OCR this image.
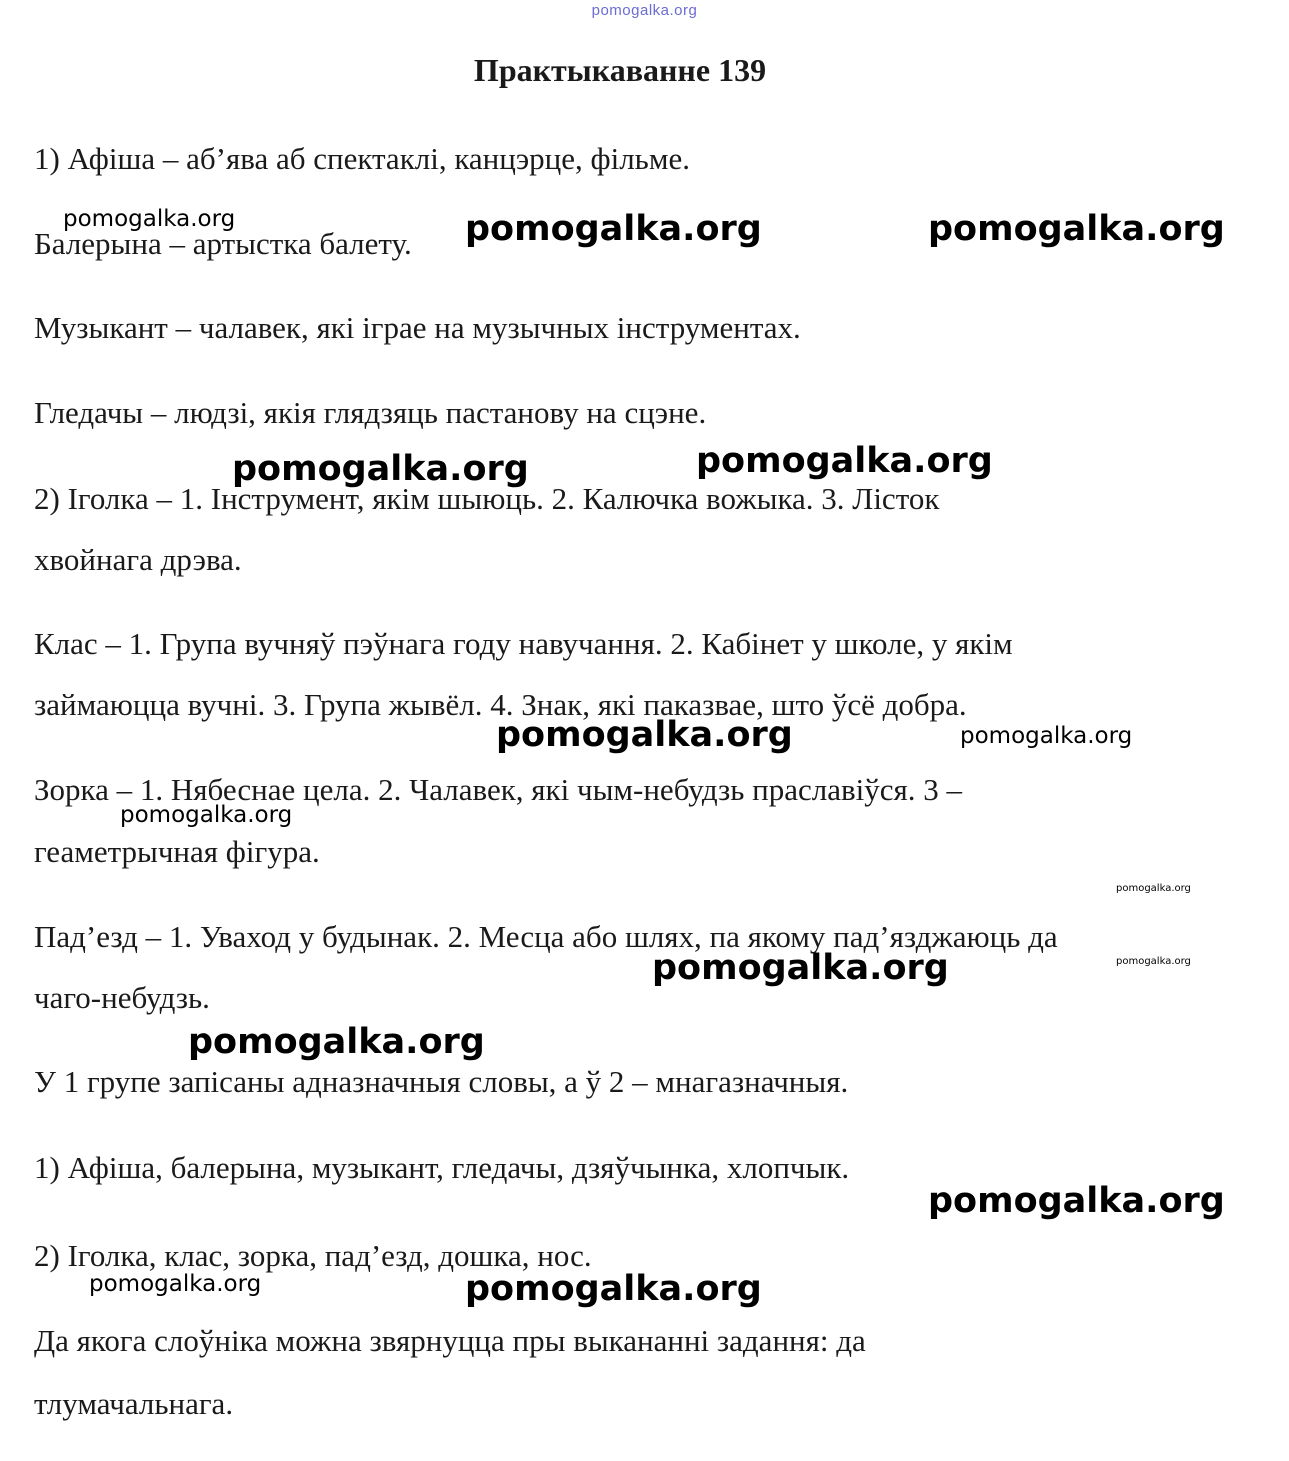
pomogalka.org
Практыкаванне 139
1) Афіша – аб’ява аб спектаклі, канцэрце, фільме.
Балерына – артыстка балету.
Музыкант – чалавек, які іграе на музычных інструментах.
Гледачы – людзі, якія глядзяць пастанову на сцэне.
2) Іголка – 1. Інструмент, якім шыюць. 2. Калючка вожыка. 3. Лісток
хвойнага дрэва.
Клас – 1. Група вучняў пэўнага году навучання. 2. Кабінет у школе, у якім
займаюцца вучні. 3. Група жывёл. 4. Знак, які паказвае, што ўсё добра.
Зорка – 1. Нябеснае цела. 2. Чалавек, які чым-небудзь праславіўся. 3 –
геаметрычная фігура.
Пад’езд – 1. Уваход у будынак. 2. Месца або шлях, па якому пад’язджаюць да
чаго-небудзь.
У 1 групе запісаны адназначныя словы, а ў 2 – мнагазначныя.
1) Афіша, балерына, музыкант, гледачы, дзяўчынка, хлопчык.
2) Іголка, клас, зорка, пад’езд, дошка, нос.
Да якога слоўніка можна звярнуцца пры выкананні задання: да
тлумачальнага.
pomogalka.org	pomogalka.org	pomogalka.org
pomogalka.org	pomogalka.org
pomogalka.org	pomogalka.org
pomogalka.org
pomogalka.org
pomogalka.org	pomogalka.org
pomogalka.org
pomogalka.org
pomogalka.org	pomogalka.org
